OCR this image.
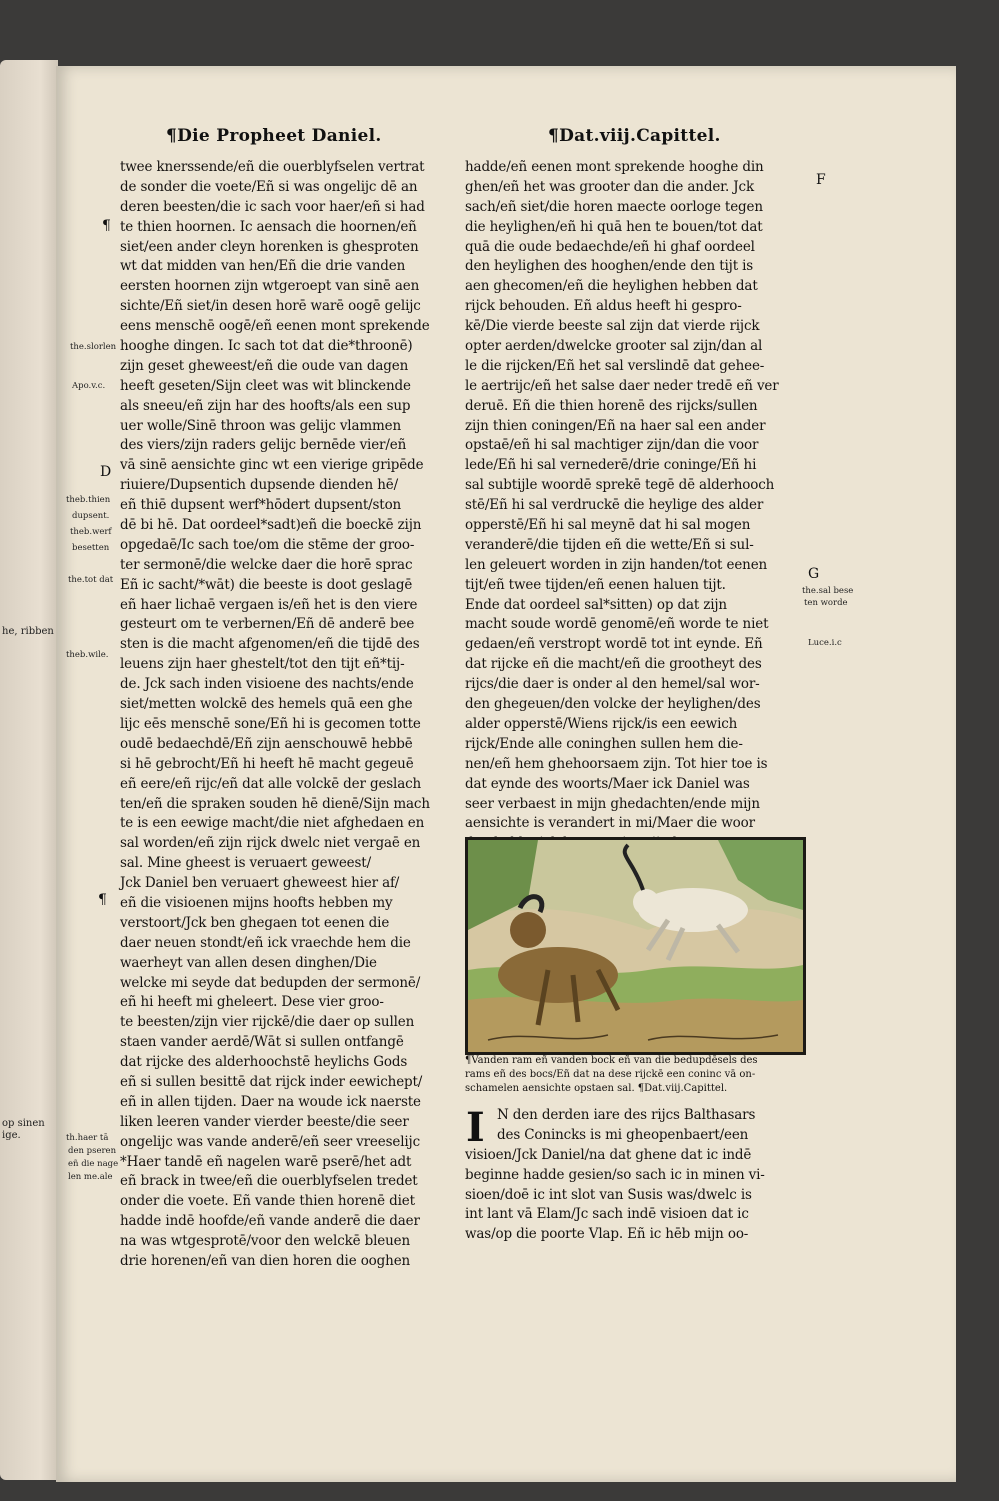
he, ribben
op sinen
ige.
¶Die Propheet Daniel.	¶Dat.viij.Capittel.
¶
the.slorlen
Apo.v.c.
D
theb.thien
dupsent.
theb.werf
besetten
the.tot dat
theb.wile.
¶
th.haer tā
den pseren
eñ die nage
len me.ale
F
G
the.sal bese
ten worde
Luce.i.c
twee knerssende/eñ die ouerblyfselen vertrat
de sonder die voete/Eñ si was ongelijc dē an
deren beesten/die ic sach voor haer/eñ si had
te thien hoornen. Ic aensach die hoornen/eñ
siet/een ander cleyn horenken is ghesproten
wt dat midden van hen/Eñ die drie vanden
eersten hoornen zijn wtgeroept van sinē aen
sichte/Eñ siet/in desen horē warē oogē gelijc
eens menschē oogē/eñ eenen mont sprekende
hooghe dingen. Ic sach tot dat die*throonē)
zijn geset gheweest/eñ die oude van dagen
heeft geseten/Sijn cleet was wit blinckende
als sneeu/eñ zijn har des hoofts/als een sup
uer wolle/Sinē throon was gelijc vlammen
des viers/zijn raders gelijc bernēde vier/eñ
vā sinē aensichte ginc wt een vierige gripēde
riuiere/Dupsentich dupsende dienden hē/
eñ thiē dupsent werf*hōdert dupsent/ston
dē bi hē. Dat oordeel*sadt)eñ die boeckē zijn
opgedaē/Ic sach toe/om die stēme der groo-
ter sermonē/die welcke daer die horē sprac
Eñ ic sacht/*wāt) die beeste is doot geslagē
eñ haer lichaē vergaen is/eñ het is den viere
gesteurt om te verbernen/Eñ dē anderē bee
sten is die macht afgenomen/eñ die tijdē des
leuens zijn haer ghestelt/tot den tijt eñ*tij-
de. Jck sach inden visioene des nachts/ende
siet/metten wolckē des hemels quā een ghe
lijc eēs menschē sone/Eñ hi is gecomen totte
oudē bedaechdē/Eñ zijn aenschouwē hebbē
si hē gebrocht/Eñ hi heeft hē macht gegeuē
eñ eere/eñ rijc/eñ dat alle volckē der geslach
ten/eñ die spraken souden hē dienē/Sijn mach
te is een eewige macht/die niet afghedaen en
sal worden/eñ zijn rijck dwelc niet vergaē en
sal. Mine gheest is veruaert geweest/
Jck Daniel ben veruaert gheweest hier af/
eñ die visioenen mijns hoofts hebben my
verstoort/Jck ben ghegaen tot eenen die
daer neuen stondt/eñ ick vraechde hem die
waerheyt van allen desen dinghen/Die
welcke mi seyde dat bedupden der sermonē/
eñ hi heeft mi gheleert. Dese vier groo-
te beesten/zijn vier rijckē/die daer op sullen
staen vander aerdē/Wāt si sullen ontfangē
dat rijcke des alderhoochstē heylichs Gods
eñ si sullen besittē dat rijck inder eewichept/
eñ in allen tijden. Daer na woude ick naerste
liken leeren vander vierder beeste/die seer
ongelijc was vande anderē/eñ seer vreeselijc
*Haer tandē eñ nagelen warē pserē/het adt
eñ brack in twee/eñ die ouerblyfselen tredet
onder die voete. Eñ vande thien horenē diet
hadde indē hoofde/eñ vande anderē die daer
na was wtgesprotē/voor den welckē bleuen
drie horenen/eñ van dien horen die ooghen
hadde/eñ eenen mont sprekende hooghe din
ghen/eñ het was grooter dan die ander. Jck
sach/eñ siet/die horen maecte oorloge tegen
die heylighen/eñ hi quā hen te bouen/tot dat
quā die oude bedaechde/eñ hi ghaf oordeel
den heylighen des hooghen/ende den tijt is
aen ghecomen/eñ die heylighen hebben dat
rijck behouden. Eñ aldus heeft hi gesprо-
kē/Die vierde beeste sal zijn dat vierde rijck
opter aerden/dwelcke grooter sal zijn/dan al
le die rijcken/Eñ het sal verslindē dat gehee-
le aertrijc/eñ het salse daer neder tredē eñ ver
deruē. Eñ die thien horenē des rijcks/sullen
zijn thien coningen/Eñ na haer sal een ander
opstaē/eñ hi sal machtiger zijn/dan die voor
lede/Eñ hi sal vernederē/drie coninge/Eñ hi
sal subtijle woordē sprekē tegē dē alderhooch
stē/Eñ hi sal verdruckē die heylige des alder
opperstē/Eñ hi sal meynē dat hi sal mogen
veranderē/die tijden eñ die wette/Eñ si sul-
len geleuert worden in zijn handen/tot eenen
tijt/eñ twee tijden/eñ eenen haluen tijt.
Ende dat oordeel sal*sitten) op dat zijn
macht soude wordē genomē/eñ worde te niet
gedaen/eñ verstropt wordē tot int eynde. Eñ
dat rijcke eñ die macht/eñ die grootheyt des
rijcs/die daer is onder al den hemel/sal wor-
den ghegeuen/den volcke der heylighen/des
alder opperstē/Wiens rijck/is een eewich
rijck/Ende alle coninghen sullen hem die-
nen/eñ hem ghehoorsaem zijn. Tot hier toe is
dat eynde des woorts/Maer ick Daniel was
seer verbaest in mijn ghedachten/ende mijn
aensichte is verandert in mi/Maer die woor
¶Vanden ram eñ vanden bock eñ van die bedupdēsels des
rams eñ des bocs/Eñ dat na dese rijckē een coninc vā on-
schamelen aensichte opstaen sal. ¶Dat.viij.Capittel.
I N den derden iare des rijcs Balthasars
des Conincks is mi gheopenbaert/een
visioen/Jck Daniel/na dat ghene dat ic indē
beginne hadde gesien/so sach ic in minen vi-
sioen/doē ic int slot van Susis was/dwelc is
int lant vā Elam/Jc sach indē visioen dat ic
was/op die poorte Vlap. Eñ ic hēb mijn oo-
